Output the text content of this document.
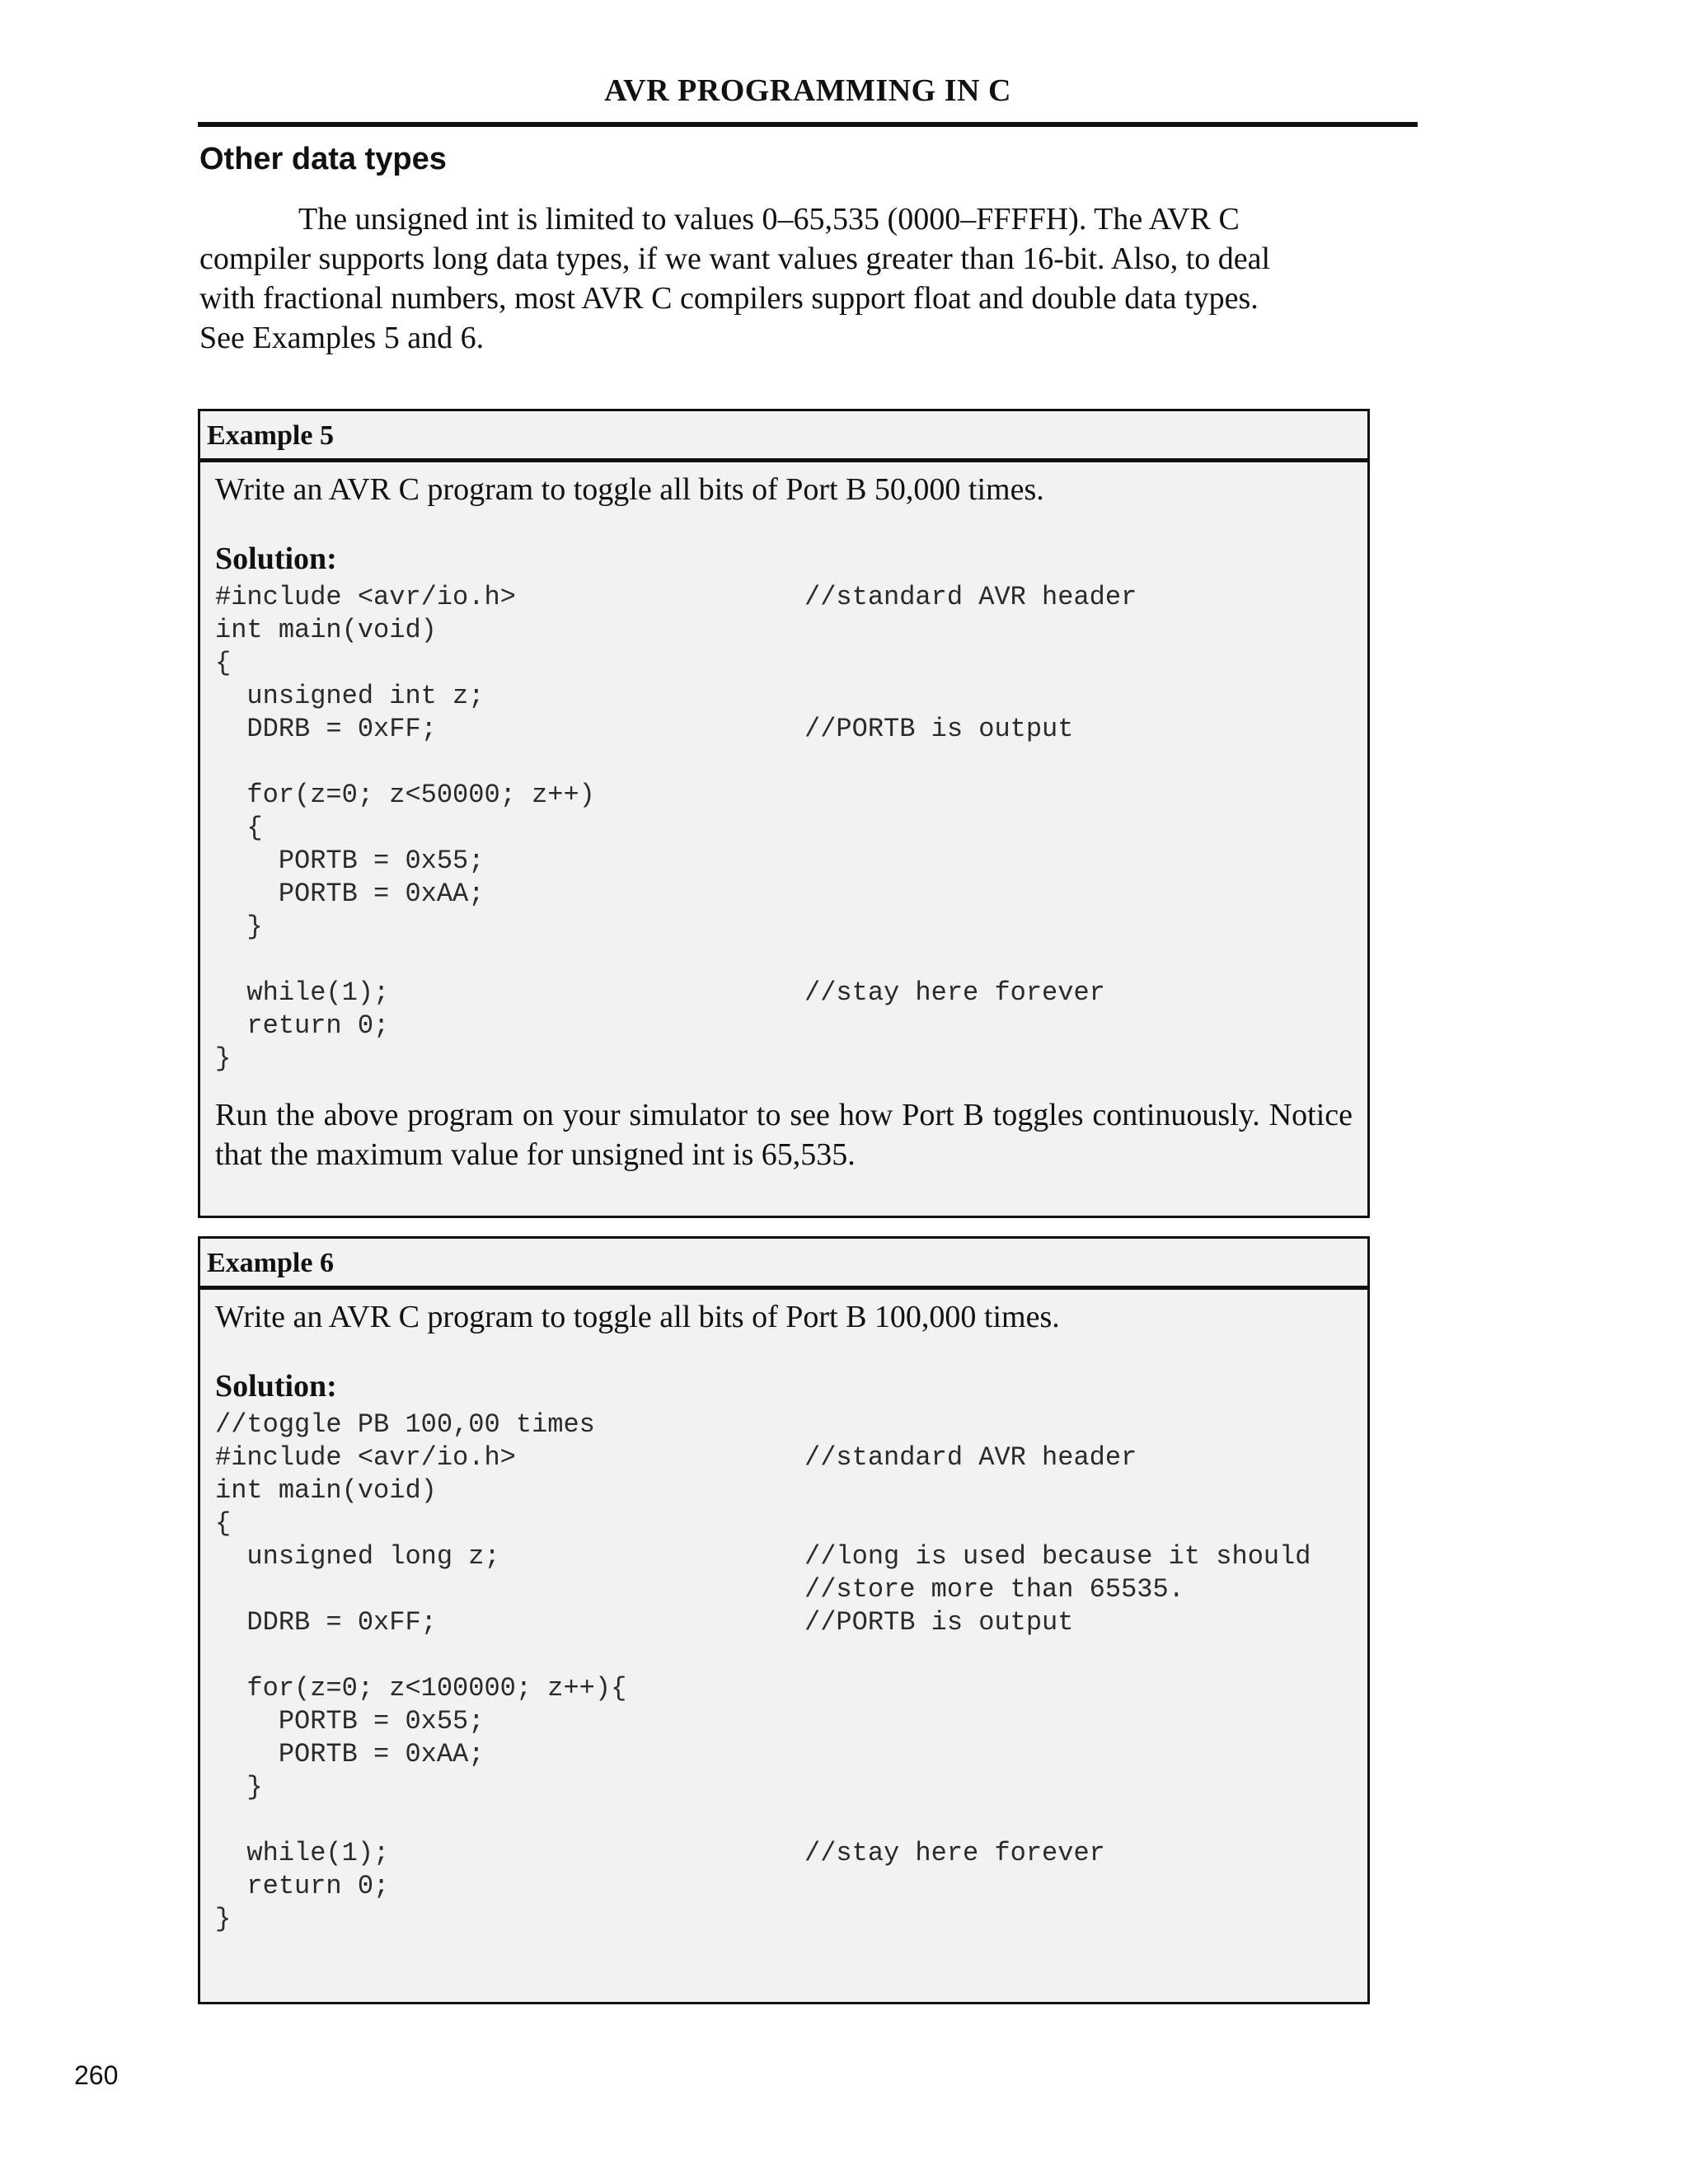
AVR PROGRAMMING IN C
Other data types

The unsigned int is limited to values 0–65,535 (0000–FFFFH). The AVR C compiler supports long data types, if we want values greater than 16-bit. Also, to deal with fractional numbers, most AVR C compilers support float and double data types. See Examples 5 and 6.

Example 5

Write an AVR C program to toggle all bits of Port B 50,000 times.

Solution:
#include <avr/io.h>	//standard AVR header
int main(void)
{
unsigned int z;
DDRB = 0xFF;	//PORTB is output
for(z=0; z<50000; z++)
{
PORTB = 0x55;
PORTB = 0xAA;
}
while(1);	//stay here forever
return 0;
}

Run the above program on your simulator to see how Port B toggles continuously. Notice that the maximum value for unsigned int is 65,535.

Example 6

Write an AVR C program to toggle all bits of Port B 100,000 times.

Solution:
//toggle PB 100,00 times
#include <avr/io.h>	//standard AVR header
int main(void)
{
unsigned long z;	//long is used because it should
//store more than 65535.
DDRB = 0xFF;	//PORTB is output
for(z=0; z<100000; z++){
PORTB = 0x55;
PORTB = 0xAA;
}
while(1);	//stay here forever
return 0;
}
260
